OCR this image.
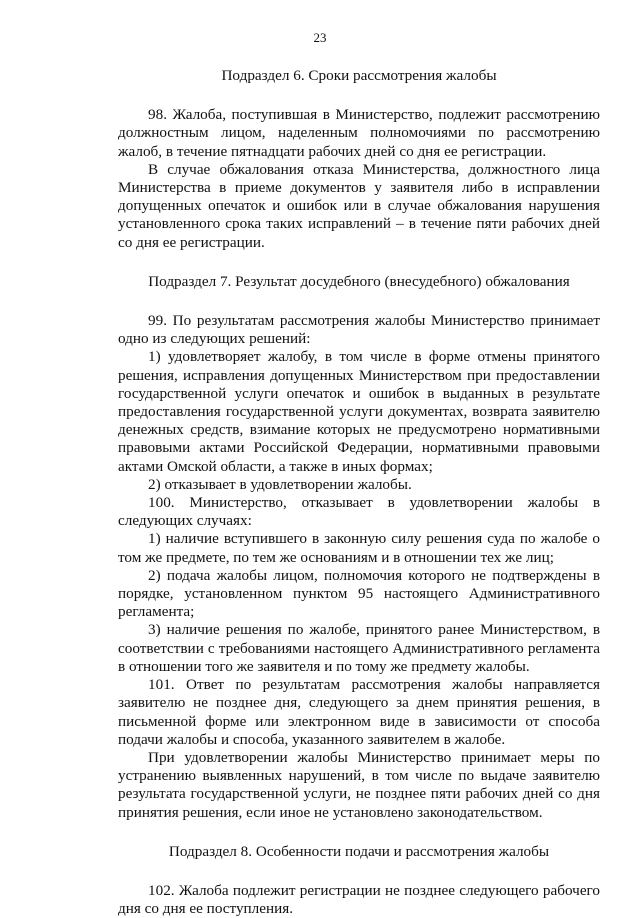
23

Подраздел 6. Сроки рассмотрения жалобы

98. Жалоба, поступившая в Министерство, подлежит рассмотрению должностным лицом, наделенным полномочиями по рассмотрению жалоб, в течение пятнадцати рабочих дней со дня ее регистрации.

В случае обжалования отказа Министерства, должностного лица Министерства в приеме документов у заявителя либо в исправлении допущенных опечаток и ошибок или в случае обжалования нарушения установленного срока таких исправлений – в течение пяти рабочих дней со дня ее регистрации.

Подраздел 7. Результат досудебного (внесудебного) обжалования

99. По результатам рассмотрения жалобы Министерство принимает одно из следующих решений:

1) удовлетворяет жалобу, в том числе в форме отмены принятого решения, исправления допущенных Министерством при предоставлении государственной услуги опечаток и ошибок в выданных в результате предоставления государственной услуги документах, возврата заявителю денежных средств, взимание которых не предусмотрено нормативными правовыми актами Российской Федерации, нормативными правовыми актами Омской области, а также в иных формах;

2) отказывает в удовлетворении жалобы.

100. Министерство, отказывает в удовлетворении жалобы в следующих случаях:

1) наличие вступившего в законную силу решения суда по жалобе о том же предмете, по тем же основаниям и в отношении тех же лиц;

2) подача жалобы лицом, полномочия которого не подтверждены в порядке, установленном пунктом 95 настоящего Административного регламента;

3) наличие решения по жалобе, принятого ранее Министерством, в соответствии с требованиями настоящего Административного регламента в отношении того же заявителя и по тому же предмету жалобы.

101. Ответ по результатам рассмотрения жалобы направляется заявителю не позднее дня, следующего за днем принятия решения, в письменной форме или электронном виде в зависимости от способа подачи жалобы и способа, указанного заявителем в жалобе.

При удовлетворении жалобы Министерство принимает меры по устранению выявленных нарушений, в том числе по выдаче заявителю результата государственной услуги, не позднее пяти рабочих дней со дня принятия решения, если иное не установлено законодательством.

Подраздел 8. Особенности подачи и рассмотрения жалобы

102. Жалоба подлежит регистрации не позднее следующего рабочего дня со дня ее поступления.
